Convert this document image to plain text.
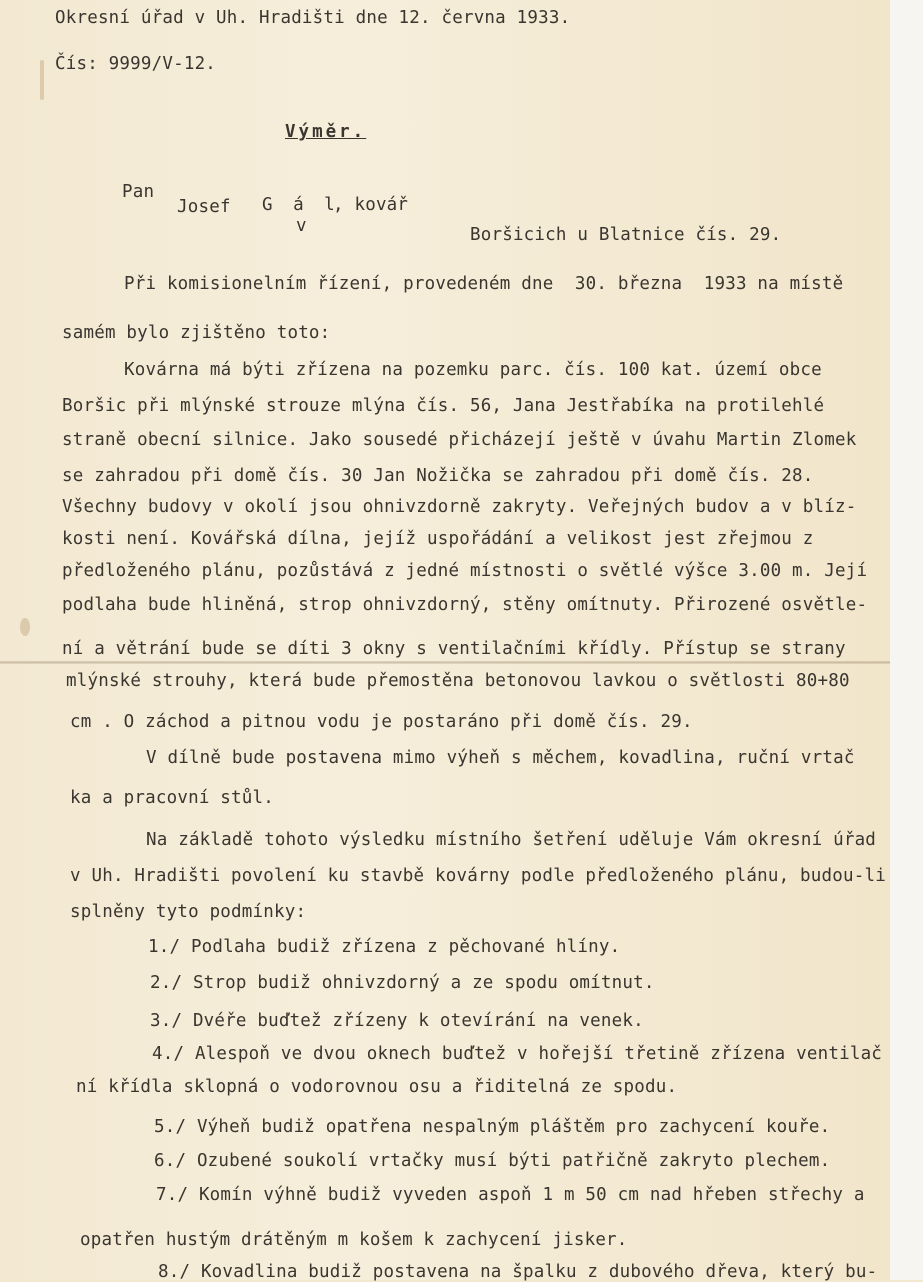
Okresní úřad v Uh. Hradišti dne 12. června 1933.
Čís: 9999/V-12.
Výměr.
Pan
Josef G á l
, kovář
v	Boršicich u Blatnice čís. 29.
Při komisionelním řízení, provedeném dne  30. března  1933 na místě
samém bylo zjištěno toto:
Kovárna má býti zřízena na pozemku parc. čís. 100 kat. území obce
Boršic při mlýnské strouze mlýna čís. 56, Jana Jestřabíka na protilehlé
straně obecní silnice. Jako sousedé přicházejí ještě v úvahu Martin Zlomek
se zahradou při domě čís. 30 Jan Nožička se zahradou při domě čís. 28.
Všechny budovy v okolí jsou ohnivzdorně zakryty. Veřejných budov a v blíz-
kosti není. Kovářská dílna, jejíž uspořádání a velikost jest zřejmou z
předloženého plánu, pozůstává z jedné místnosti o světlé výšce 3.00 m. Její
podlaha bude hliněná, strop ohnivzdorný, stěny omítnuty. Přirozené osvětle-
ní a větrání bude se díti 3 okny s ventilačními křídly. Přístup se strany
mlýnské strouhy, která bude přemostěna betonovou lavkou o světlosti 80+80
cm . O záchod a pitnou vodu je postaráno při domě čís. 29.
V dílně bude postavena mimo výheň s měchem, kovadlina, ruční vrtač
ka a pracovní stůl.
Na základě tohoto výsledku místního šetření uděluje Vám okresní úřad
v Uh. Hradišti povolení ku stavbě kovárny podle předloženého plánu, budou-li
splněny tyto podmínky:
1./ Podlaha budiž zřízena z pěchované hlíny.
2./ Strop budiž ohnivzdorný a ze spodu omítnut.
3./ Dvéře buďtež zřízeny k otevírání na venek.
4./ Alespoň ve dvou oknech buďtež v hořejší třetině zřízena ventilač
ní křídla sklopná o vodorovnou osu a řiditelná ze spodu.
5./ Výheň budiž opatřena nespalným pláštěm pro zachycení kouře.
6./ Ozubené soukolí vrtačky musí býti patřičně zakryto plechem.
7./ Komín výhně budiž vyveden aspoň 1 m 50 cm nad hřeben střechy a
opatřen hustým drátěným m košem k zachycení jisker.
8./ Kovadlina budiž postavena na špalku z dubového dřeva, který bu-
